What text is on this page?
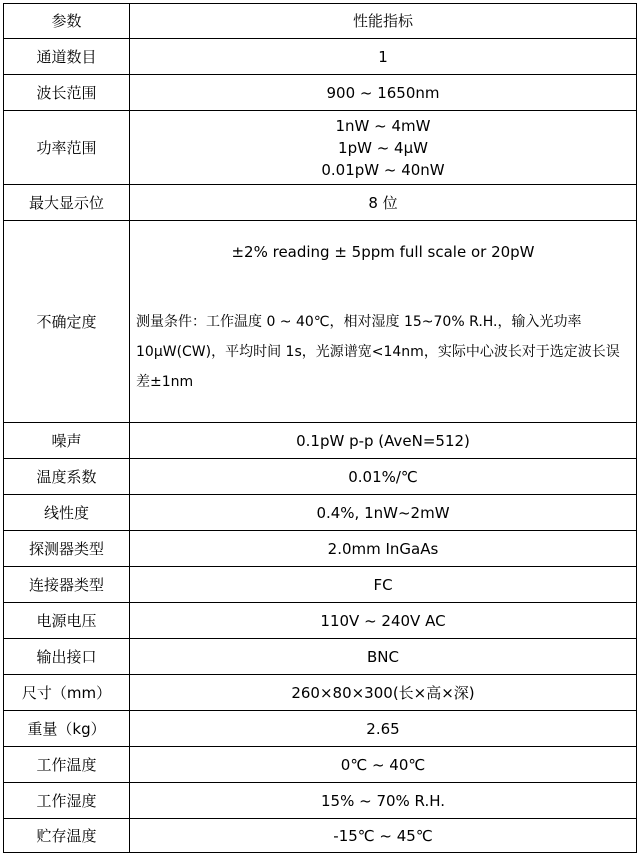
参数	性能指标
通道数目	1

波长范围	900 ~ 1650nm

功率范围	1nW ~ 4mW
1pW ~ 4μW
0.01pW ~ 40nW

最大显示位	8 位

不确定度	±2% reading ± 5ppm full scale or 20pW
测量条件：工作温度 0 ~ 40℃，相对湿度 15~70% R.H.，输入光功率 10μW(CW)，平均时间 1s，光源谱宽<14nm，实际中心波长对于选定波长误差±1nm

噪声	0.1pW p-p (AveN=512)

温度系数	0.01%/℃

线性度	0.4%, 1nW~2mW

探测器类型	2.0mm InGaAs

连接器类型	FC

电源电压	110V ~ 240V AC

输出接口	BNC

尺寸（mm）	260×80×300(长×高×深)

重量（kg）	2.65

工作温度	0℃ ~ 40℃

工作湿度	15% ~ 70% R.H.

贮存温度	-15℃ ~ 45℃
